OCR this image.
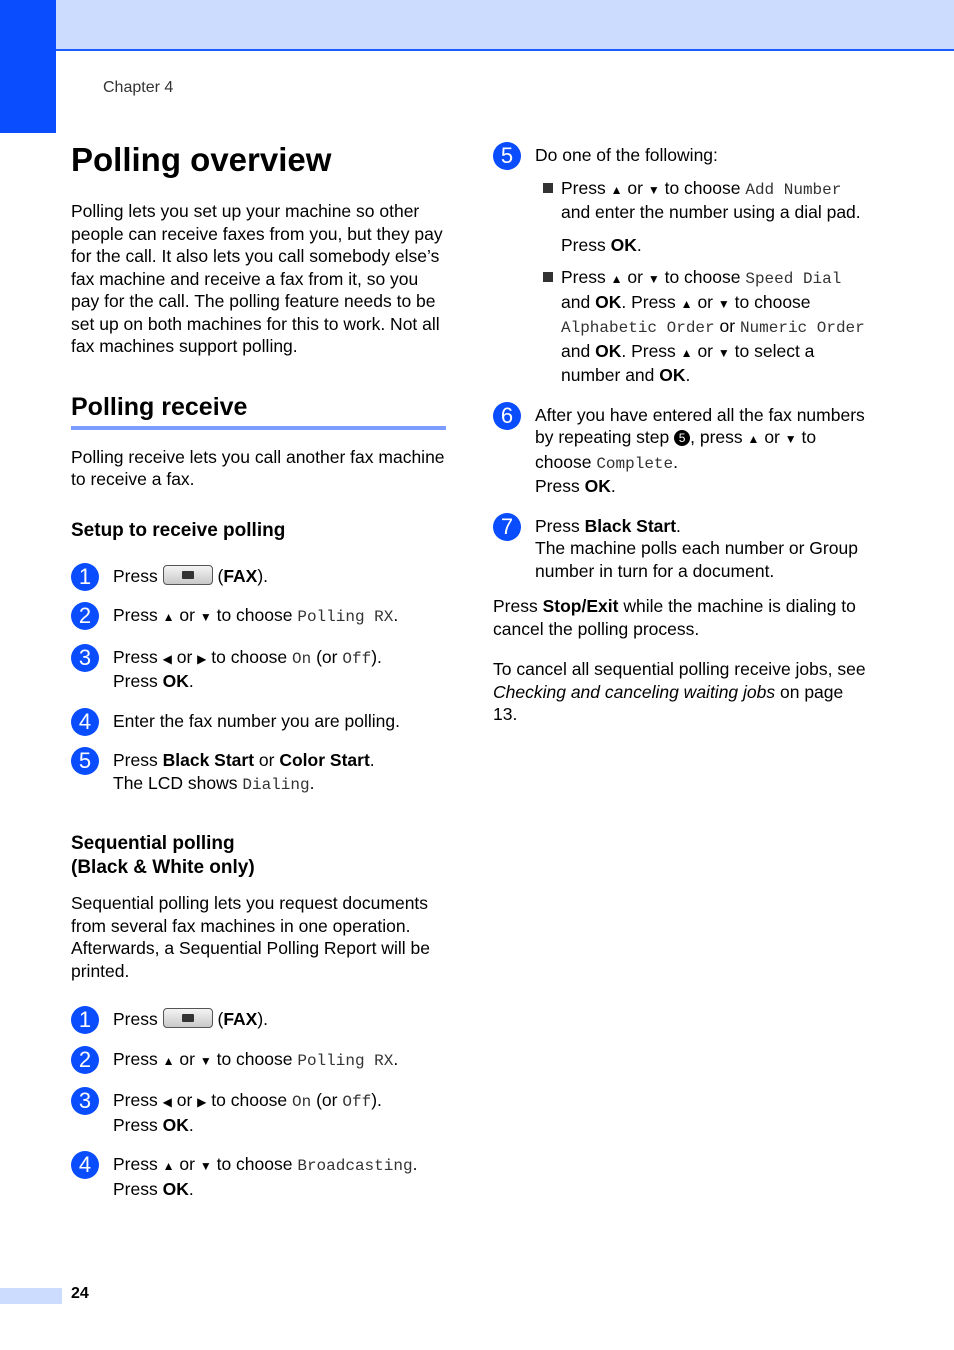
Chapter 4
Polling overview

Polling lets you set up your machine so other people can receive faxes from you, but they pay for the call. It also lets you call somebody else’s fax machine and receive a fax from it, so you pay for the call. The polling feature needs to be set up on both machines for this to work. Not all fax machines support polling.

Polling receive

Polling receive lets you call another fax machine to receive a fax.

Setup to receive polling
1	Press	(FAX).
2	Press ▲ or ▼ to choose Polling RX.
3	Press ◀ or ▶ to choose On (or Off).
Press OK.
4	Enter the fax number you are polling.
5	Press Black Start or Color Start.
The LCD shows Dialing.
Sequential polling
(Black & White only)

Sequential polling lets you request documents from several fax machines in one operation. Afterwards, a Sequential Polling Report will be printed.

1	Press	(FAX).
2	Press ▲ or ▼ to choose Polling RX.
3	Press ◀ or ▶ to choose On (or Off).
Press OK.
4	Press ▲ or ▼ to choose Broadcasting.
Press OK.
5	Do one of the following:
Press ▲ or ▼ to choose Add Number and enter the number using a dial pad.
Press OK.
Press ▲ or ▼ to choose Speed Dial and OK. Press ▲ or ▼ to choose Alphabetic Order or Numeric Order and OK. Press ▲ or ▼ to select a number and OK.
6	After you have entered all the fax numbers by repeating step 5 , press ▲ or ▼ to choose Complete.
Press OK.
7	Press Black Start.
The machine polls each number or Group number in turn for a document.

Press Stop/Exit while the machine is dialing to cancel the polling process.

To cancel all sequential polling receive jobs, see Checking and canceling waiting jobs on page 13.

24
